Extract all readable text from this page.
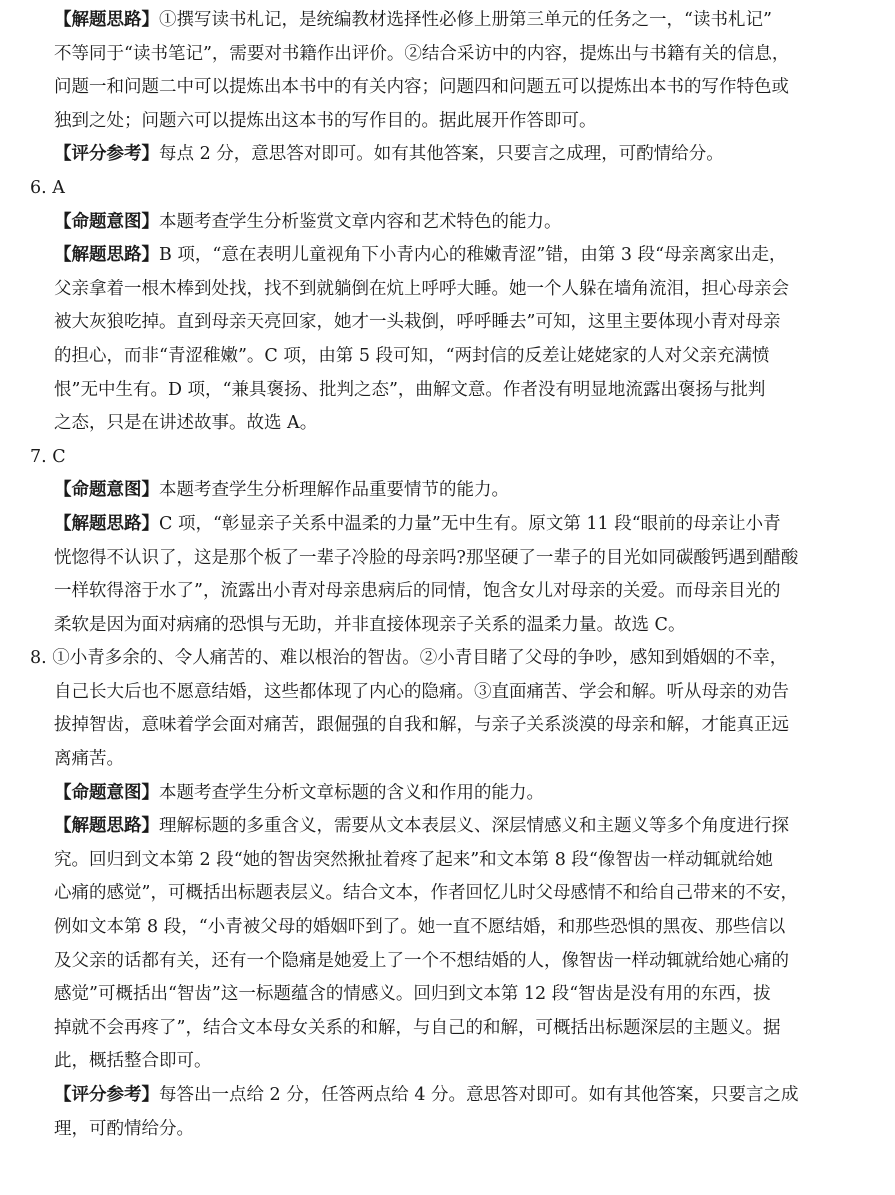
【解题思路】①撰写读书札记，是统编教材选择性必修上册第三单元的任务之一，“读书札记”
不等同于“读书笔记”，需要对书籍作出评价。②结合采访中的内容，提炼出与书籍有关的信息，
问题一和问题二中可以提炼出本书中的有关内容；问题四和问题五可以提炼出本书的写作特色或
独到之处；问题六可以提炼出这本书的写作目的。据此展开作答即可。
【评分参考】每点 2 分，意思答对即可。如有其他答案，只要言之成理，可酌情给分。
6. A
【命题意图】本题考查学生分析鉴赏文章内容和艺术特色的能力。
【解题思路】B 项，“意在表明儿童视角下小青内心的稚嫩青涩”错，由第 3 段“母亲离家出走，
父亲拿着一根木棒到处找，找不到就躺倒在炕上呼呼大睡。她一个人躲在墙角流泪，担心母亲会
被大灰狼吃掉。直到母亲天亮回家，她才一头栽倒，呼呼睡去”可知，这里主要体现小青对母亲
的担心，而非“青涩稚嫩”。C 项，由第 5 段可知，“两封信的反差让姥姥家的人对父亲充满愤
恨”无中生有。D 项，“兼具褒扬、批判之态”，曲解文意。作者没有明显地流露出褒扬与批判
之态，只是在讲述故事。故选 A。
7. C
【命题意图】本题考查学生分析理解作品重要情节的能力。
【解题思路】C 项，“彰显亲子关系中温柔的力量”无中生有。原文第 11 段“眼前的母亲让小青
恍惚得不认识了，这是那个板了一辈子冷脸的母亲吗?那坚硬了一辈子的目光如同碳酸钙遇到醋酸
一样软得溶于水了”，流露出小青对母亲患病后的同情，饱含女儿对母亲的关爱。而母亲目光的
柔软是因为面对病痛的恐惧与无助，并非直接体现亲子关系的温柔力量。故选 C。
8. ①小青多余的、令人痛苦的、难以根治的智齿。②小青目睹了父母的争吵，感知到婚姻的不幸，
自己长大后也不愿意结婚，这些都体现了内心的隐痛。③直面痛苦、学会和解。听从母亲的劝告
拔掉智齿，意味着学会面对痛苦，跟倔强的自我和解，与亲子关系淡漠的母亲和解，才能真正远
离痛苦。
【命题意图】本题考查学生分析文章标题的含义和作用的能力。
【解题思路】理解标题的多重含义，需要从文本表层义、深层情感义和主题义等多个角度进行探
究。回归到文本第 2 段“她的智齿突然揪扯着疼了起来”和文本第 8 段“像智齿一样动辄就给她
心痛的感觉”，可概括出标题表层义。结合文本，作者回忆儿时父母感情不和给自己带来的不安，
例如文本第 8 段，“小青被父母的婚姻吓到了。她一直不愿结婚，和那些恐惧的黑夜、那些信以
及父亲的话都有关，还有一个隐痛是她爱上了一个不想结婚的人，像智齿一样动辄就给她心痛的
感觉”可概括出“智齿”这一标题蕴含的情感义。回归到文本第 12 段“智齿是没有用的东西，拔
掉就不会再疼了”，结合文本母女关系的和解，与自己的和解，可概括出标题深层的主题义。据
此，概括整合即可。
【评分参考】每答出一点给 2 分，任答两点给 4 分。意思答对即可。如有其他答案，只要言之成
理，可酌情给分。
